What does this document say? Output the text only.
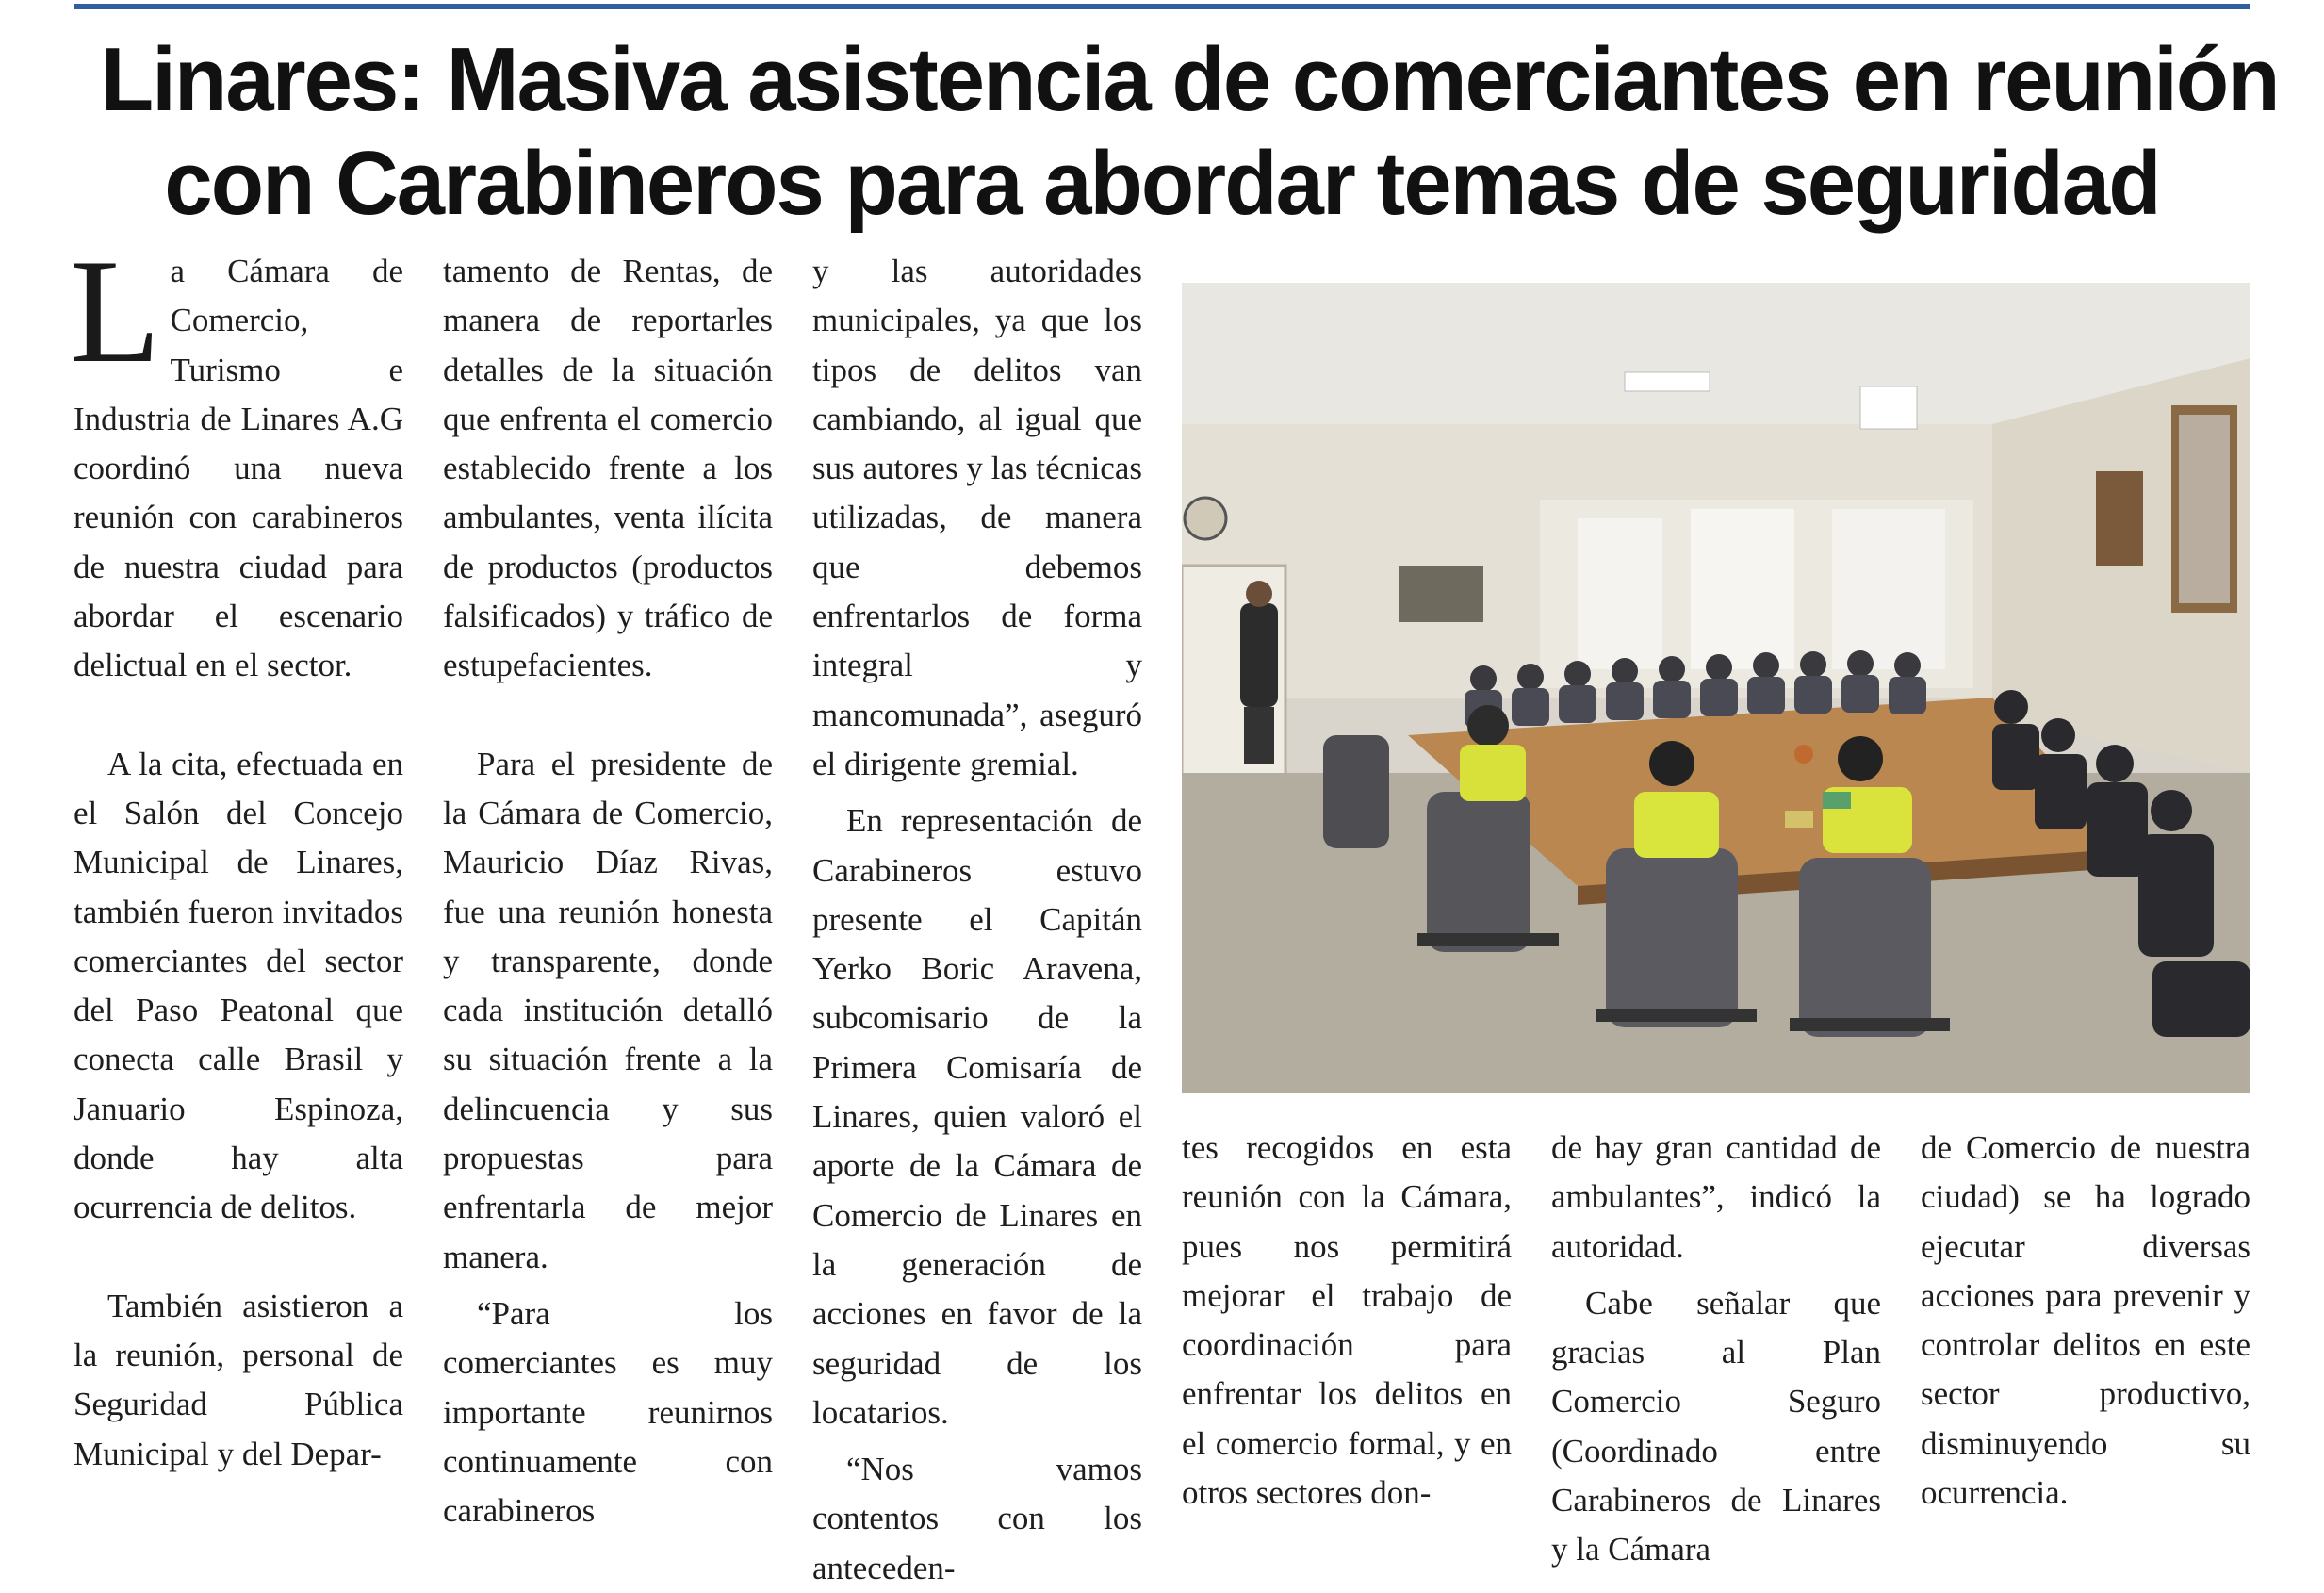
Linares: Masiva asistencia de comerciantes en reunión
con Carabineros para abordar temas de seguridad

La Cámara de Comercio, Turismo e Industria de Linares A.G coordinó una nueva reunión con carabineros de nuestra ciudad para abordar el escenario delictual en el sector.

A la cita, efectuada en el Salón del Concejo Municipal de Linares, también fueron invitados comerciantes del sector del Paso Peatonal que conecta calle Brasil y Januario Espinoza, donde hay alta ocurrencia de delitos.

También asistieron a la reunión, personal de Seguridad Pública Municipal y del Depar-

tamento de Rentas, de manera de reportarles detalles de la situación que enfrenta el comercio establecido frente a los ambulantes, venta ilícita de productos (productos falsificados) y tráfico de estupefacientes.

Para el presidente de la Cámara de Comercio, Mauricio Díaz Rivas, fue una reunión honesta y transparente, donde cada institución detalló su situación frente a la delincuencia y sus propuestas para enfrentarla de mejor manera.

“Para los comerciantes es muy importante reunirnos continuamente con carabineros

y las autoridades municipales, ya que los tipos de delitos van cambiando, al igual que sus autores y las técnicas utilizadas, de manera que debemos enfrentarlos de forma integral y mancomunada”, aseguró el dirigente gremial.

En representación de Carabineros estuvo presente el Capitán Yerko Boric Aravena, subcomisario de la Primera Comisaría de Linares, quien valoró el aporte de la Cámara de Comercio de Linares en la generación de acciones en favor de la seguridad de los locatarios.

“Nos vamos contentos con los anteceden-

tes recogidos en esta reunión con la Cámara, pues nos permitirá mejorar el trabajo de coordinación para enfrentar los delitos en el comercio formal, y en otros sectores don-

de hay gran cantidad de ambulantes”, indicó la autoridad.

Cabe señalar que gracias al Plan Comercio Seguro (Coordinado entre Carabineros de Linares y la Cámara

de Comercio de nuestra ciudad) se ha logrado ejecutar diversas acciones para prevenir y controlar delitos en este sector productivo, disminuyendo su ocurrencia.
